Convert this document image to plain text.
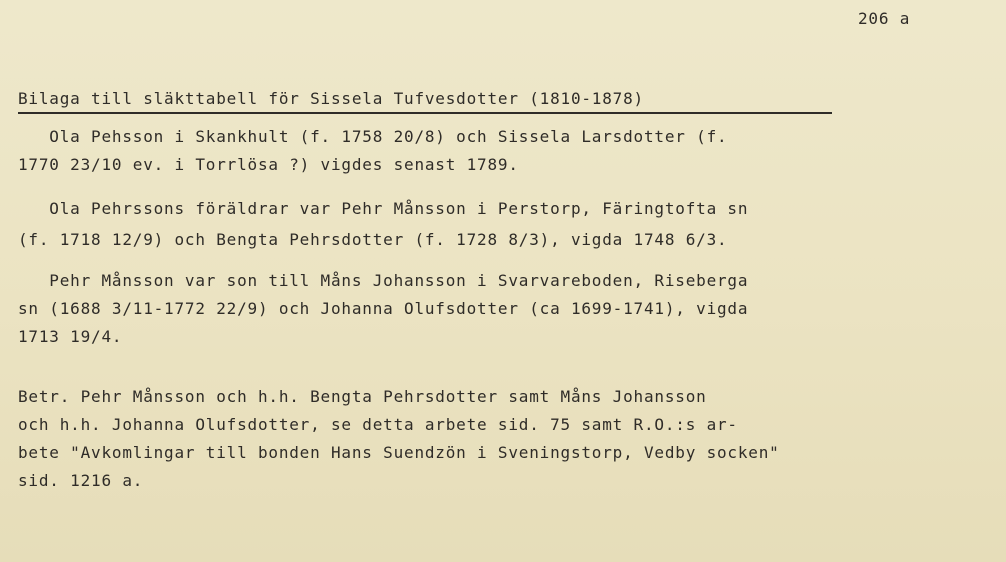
206 a
Bilaga till släkttabell för Sissela Tufvesdotter (1810-1878)
Ola Pehsson i Skankhult (f. 1758 20/8) och Sissela Larsdotter (f.
1770 23/10 ev. i Torrlösa ?) vigdes senast 1789.
Ola Pehrssons föräldrar var Pehr Månsson i Perstorp, Färingtofta sn
(f. 1718 12/9) och Bengta Pehrsdotter (f. 1728 8/3), vigda 1748 6/3.
Pehr Månsson var son till Måns Johansson i Svarvareboden, Riseberga
sn (1688 3/11-1772 22/9) och Johanna Olufsdotter (ca 1699-1741), vigda
1713 19/4.
Betr. Pehr Månsson och h.h. Bengta Pehrsdotter samt Måns Johansson
och h.h. Johanna Olufsdotter, se detta arbete sid. 75 samt R.O.:s ar-
bete "Avkomlingar till bonden Hans Suendzön i Sveningstorp, Vedby socken"
sid. 1216 a.
